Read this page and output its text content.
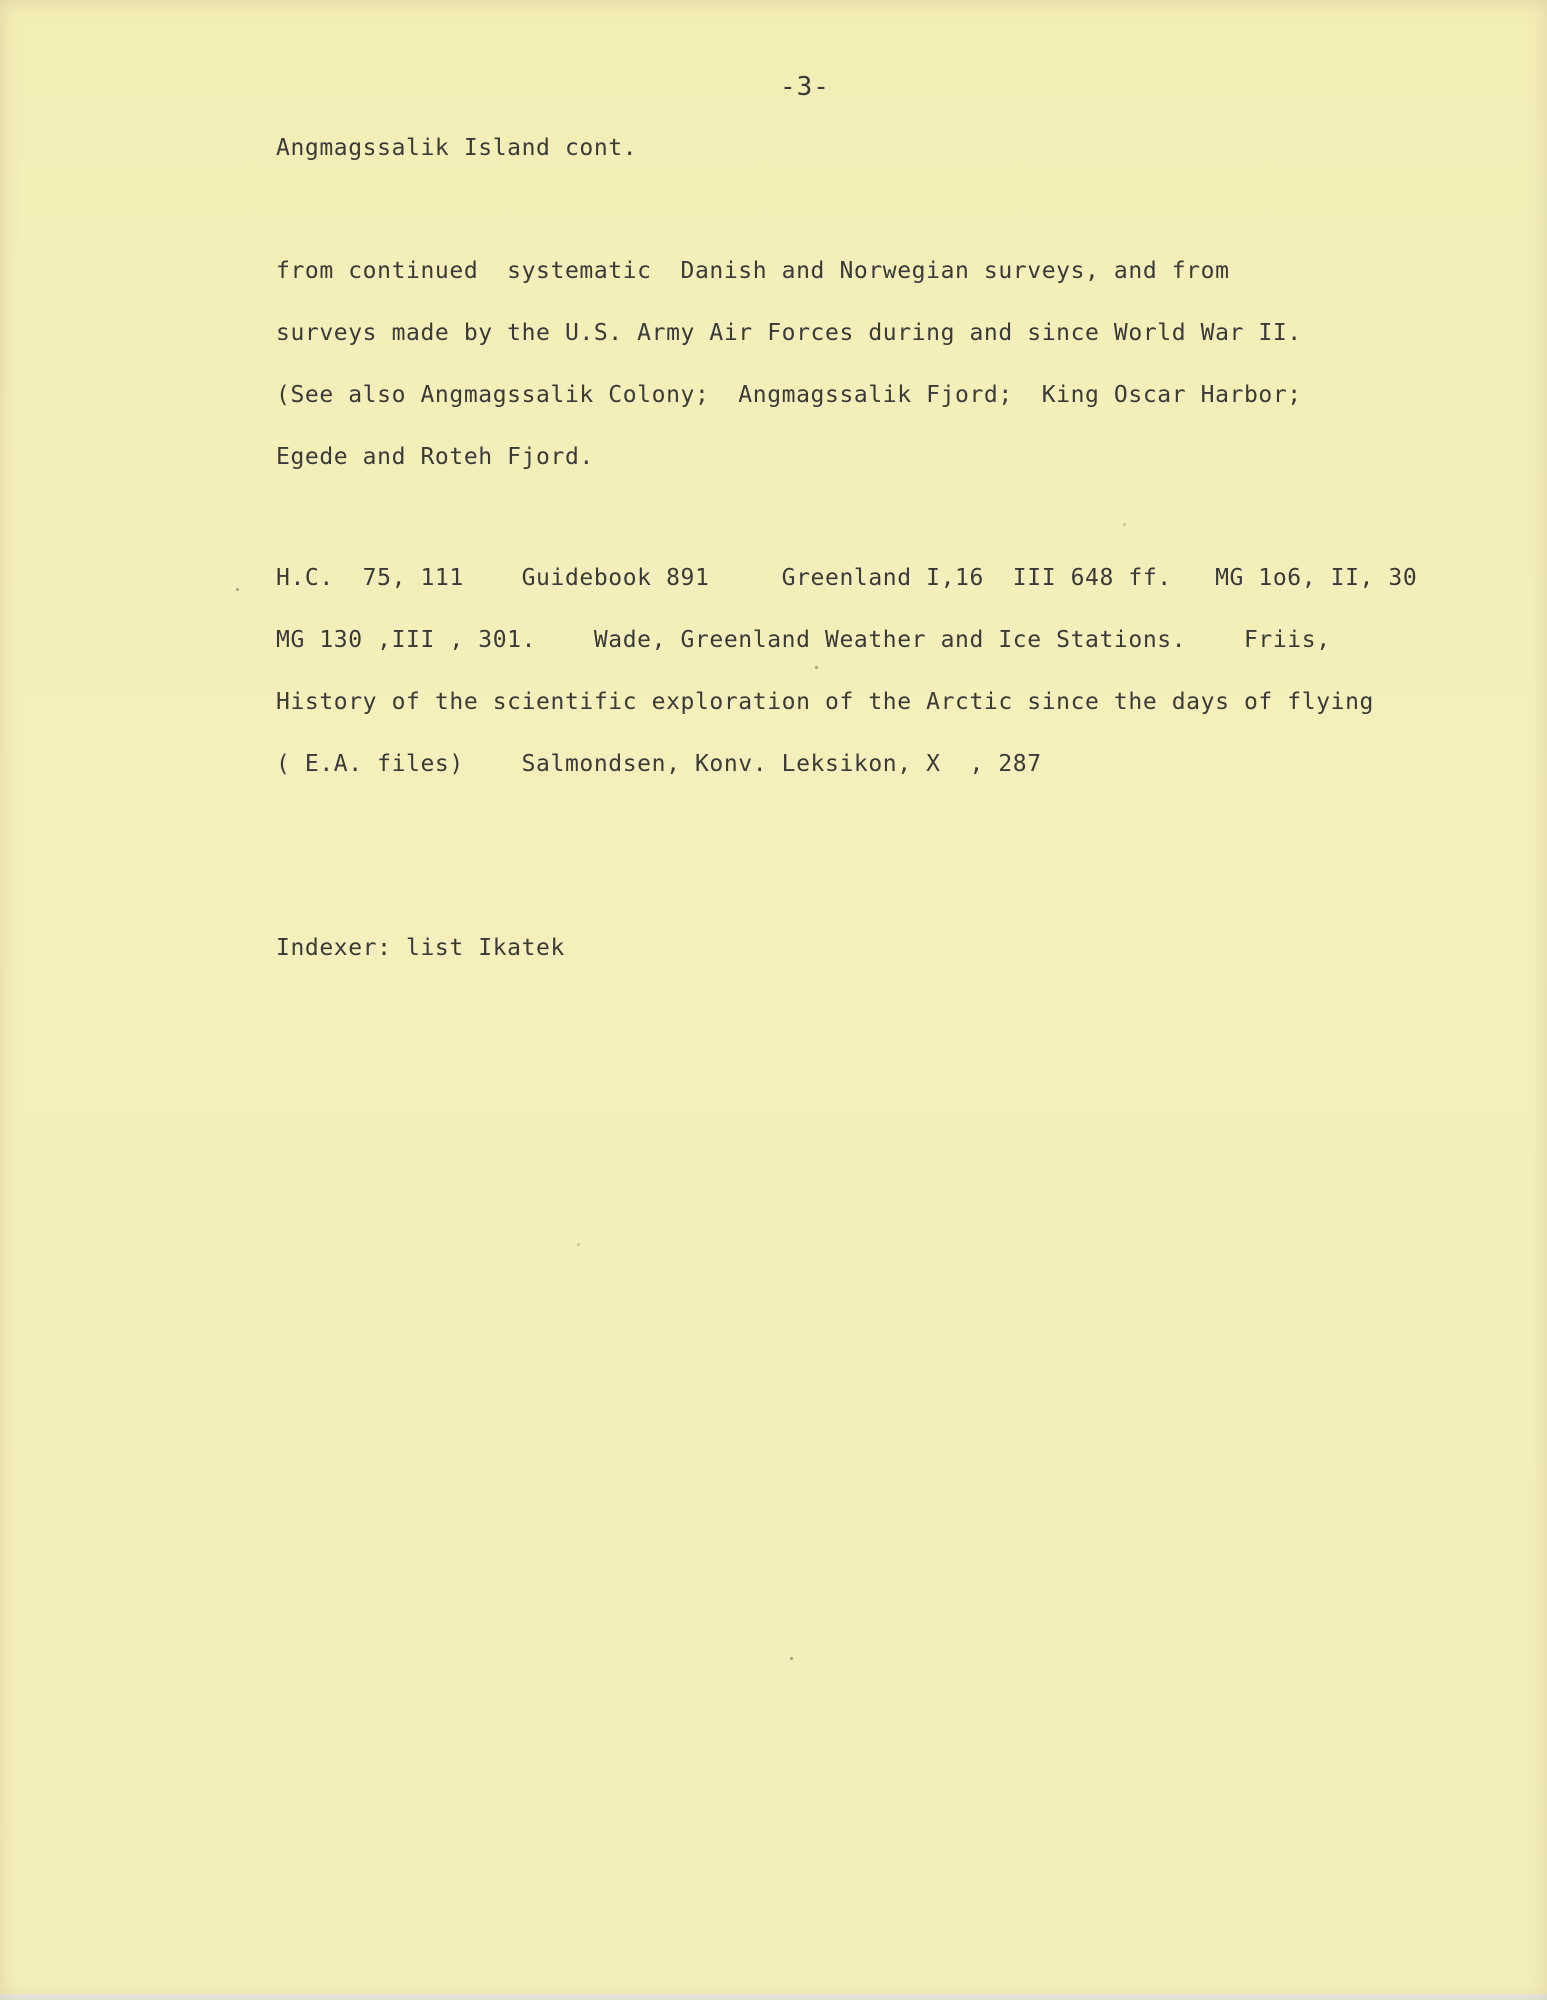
-3-
Angmagssalik Island cont.
from continued  systematic  Danish and Norwegian surveys, and from
surveys made by the U.S. Army Air Forces during and since World War II.
(See also Angmagssalik Colony;  Angmagssalik Fjord;  King Oscar Harbor;
Egede and Roteh Fjord.
H.C.  75, 111    Guidebook 891     Greenland I,16  III 648 ff.   MG 1o6, II, 30
MG 130 ,III , 301.    Wade, Greenland Weather and Ice Stations.    Friis,
History of the scientific exploration of the Arctic since the days of flying
( E.A. files)    Salmondsen, Konv. Leksikon, X  , 287
Indexer: list Ikatek
